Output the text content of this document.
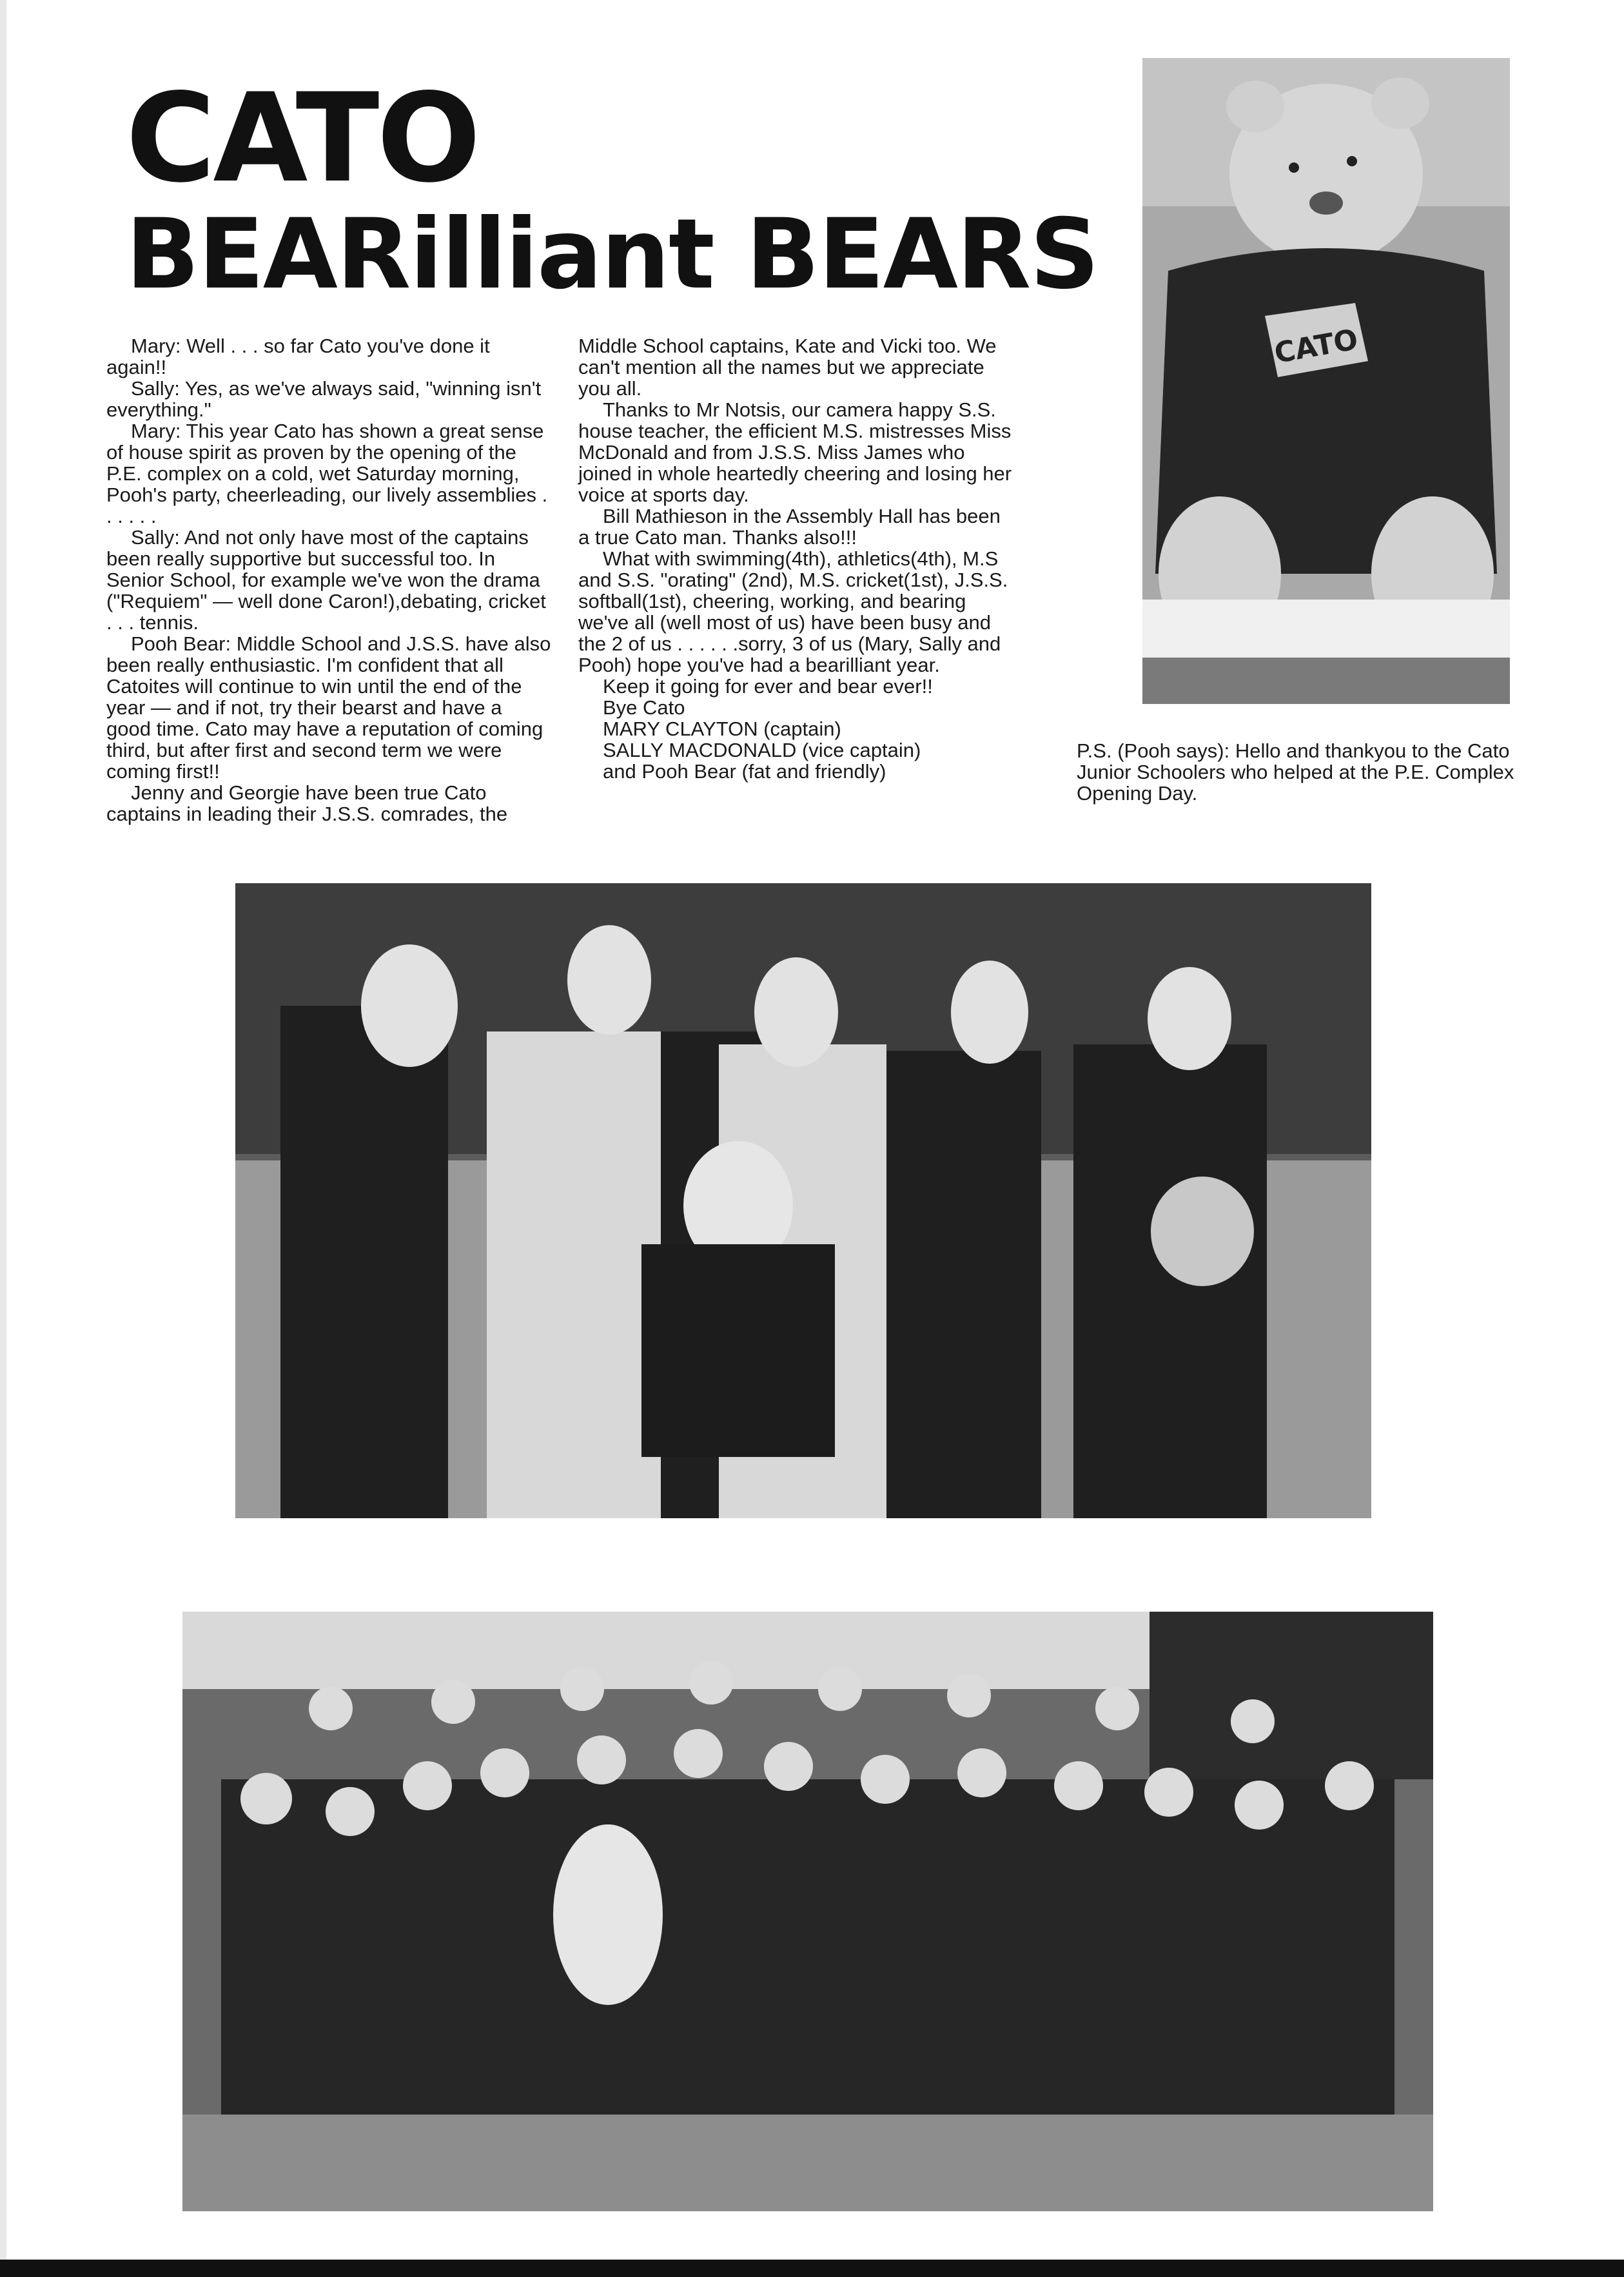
CATO
BEARilliant BEARS

Mary: Well . . . so far Cato you've done it again!!

Sally: Yes, as we've always said, "winning isn't everything."

Mary: This year Cato has shown a great sense of house spirit as proven by the opening of the P.E. complex on a cold, wet Saturday morning, Pooh's party, cheerleading, our lively assemblies . . . . . .

Sally: And not only have most of the captains been really supportive but successful too. In Senior School, for example we've won the drama ("Requiem" — well done Caron!),debating, cricket . . . tennis.

Pooh Bear: Middle School and J.S.S. have also been really enthusiastic. I'm confident that all Catoites will continue to win until the end of the year — and if not, try their bearst and have a good time. Cato may have a reputation of coming third, but after first and second term we were coming first!!

Jenny and Georgie have been true Cato captains in leading their J.S.S. comrades, the

Middle School captains, Kate and Vicki too. We can't mention all the names but we appreciate you all.

Thanks to Mr Notsis, our camera happy S.S. house teacher, the efficient M.S. mistresses Miss McDonald and from J.S.S. Miss James who joined in whole heartedly cheering and losing her voice at sports day.

Bill Mathieson in the Assembly Hall has been a true Cato man. Thanks also!!!

What with swimming(4th), athletics(4th), M.S and S.S. "orating" (2nd), M.S. cricket(1st), J.S.S. softball(1st), cheering, working, and bearing we've all (well most of us) have been busy and the 2 of us . . . . . .sorry, 3 of us (Mary, Sally and Pooh) hope you've had a bearilliant year.

Keep it going for ever and bear ever!!

Bye Cato

MARY CLAYTON (captain)

SALLY MACDONALD (vice captain)

and Pooh Bear (fat and friendly)

P.S. (Pooh says): Hello and thankyou to the Cato Junior Schoolers who helped at the P.E. Complex Opening Day.

CATO
